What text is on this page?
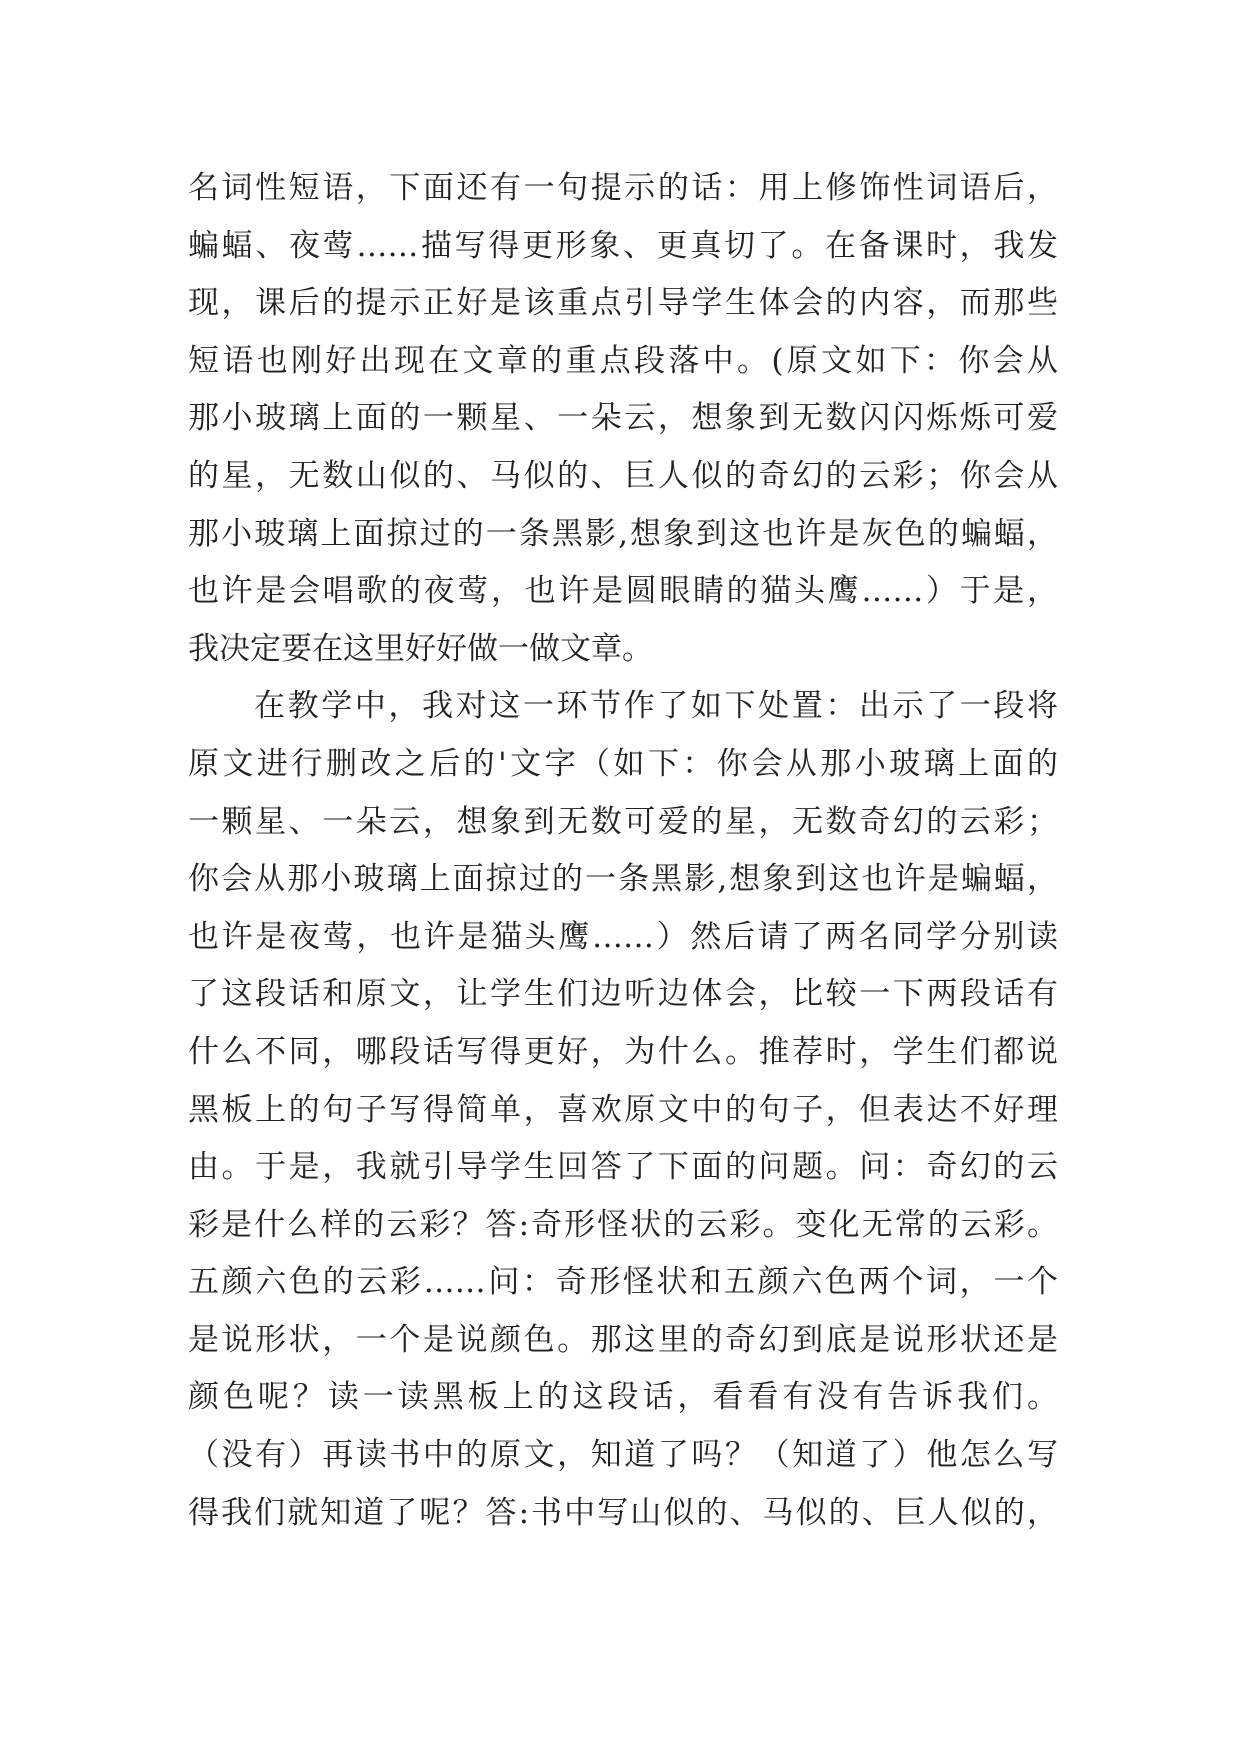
名词性短语，下面还有一句提示的话：用上修饰性词语后，
蝙蝠、夜莺……描写得更形象、更真切了。在备课时，我发
现，课后的提示正好是该重点引导学生体会的内容，而那些
短语也刚好出现在文章的重点段落中。(原文如下：你会从
那小玻璃上面的一颗星、一朵云，想象到无数闪闪烁烁可爱
的星，无数山似的、马似的、巨人似的奇幻的云彩；你会从
那小玻璃上面掠过的一条黑影,想象到这也许是灰色的蝙蝠，
也许是会唱歌的夜莺，也许是圆眼睛的猫头鹰……）于是，
我决定要在这里好好做一做文章。
在教学中，我对这一环节作了如下处置：出示了一段将
原文进行删改之后的'文字（如下：你会从那小玻璃上面的
一颗星、一朵云，想象到无数可爱的星，无数奇幻的云彩；
你会从那小玻璃上面掠过的一条黑影,想象到这也许是蝙蝠，
也许是夜莺，也许是猫头鹰……）然后请了两名同学分别读
了这段话和原文，让学生们边听边体会，比较一下两段话有
什么不同，哪段话写得更好，为什么。推荐时，学生们都说
黑板上的句子写得简单，喜欢原文中的句子，但表达不好理
由。于是，我就引导学生回答了下面的问题。问：奇幻的云
彩是什么样的云彩？答:奇形怪状的云彩。变化无常的云彩。
五颜六色的云彩……问：奇形怪状和五颜六色两个词，一个
是说形状，一个是说颜色。那这里的奇幻到底是说形状还是
颜色呢？读一读黑板上的这段话，看看有没有告诉我们。
（没有）再读书中的原文，知道了吗？（知道了）他怎么写
得我们就知道了呢？答:书中写山似的、马似的、巨人似的，
